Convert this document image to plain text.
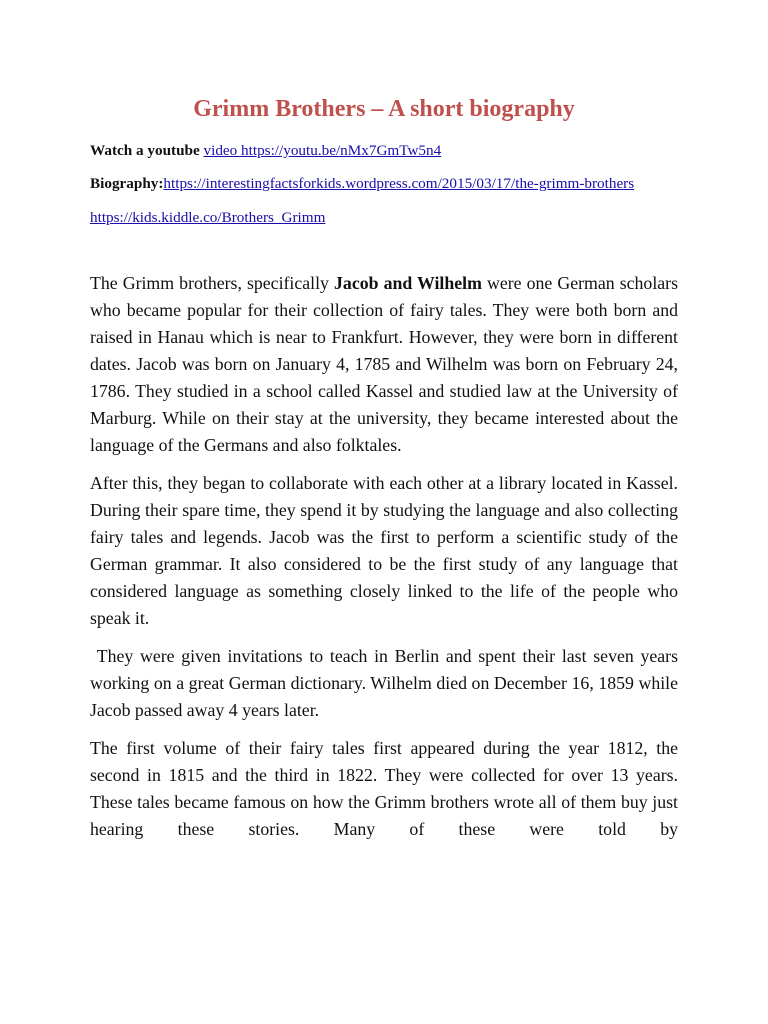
Grimm Brothers – A short biography

Watch a youtube video https://youtu.be/nMx7GmTw5n4

Biography:https://interestingfactsforkids.wordpress.com/2015/03/17/the-grimm-brothers

https://kids.kiddle.co/Brothers_Grimm

The Grimm brothers, specifically Jacob and Wilhelm were one German scholars who became popular for their collection of fairy tales. They were both born and raised in Hanau which is near to Frankfurt. However, they were born in different dates. Jacob was born on January 4, 1785 and Wilhelm was born on February 24, 1786. They studied in a school called Kassel and studied law at the University of Marburg. While on their stay at the university, they became interested about the language of the Germans and also folktales.

After this, they began to collaborate with each other at a library located in Kassel. During their spare time, they spend it by studying the language and also collecting fairy tales and legends. Jacob was the first to perform a scientific study of the German grammar. It also considered to be the first study of any language that considered language as something closely linked to the life of the people who speak it.

They were given invitations to teach in Berlin and spent their last seven years working on a great German dictionary. Wilhelm died on December 16, 1859 while Jacob passed away 4 years later.

The first volume of their fairy tales first appeared during the year 1812, the second in 1815 and the third in 1822. They were collected for over 13 years. These tales became famous on how the Grimm brothers wrote all of them buy just hearing these stories. Many of these were told by
